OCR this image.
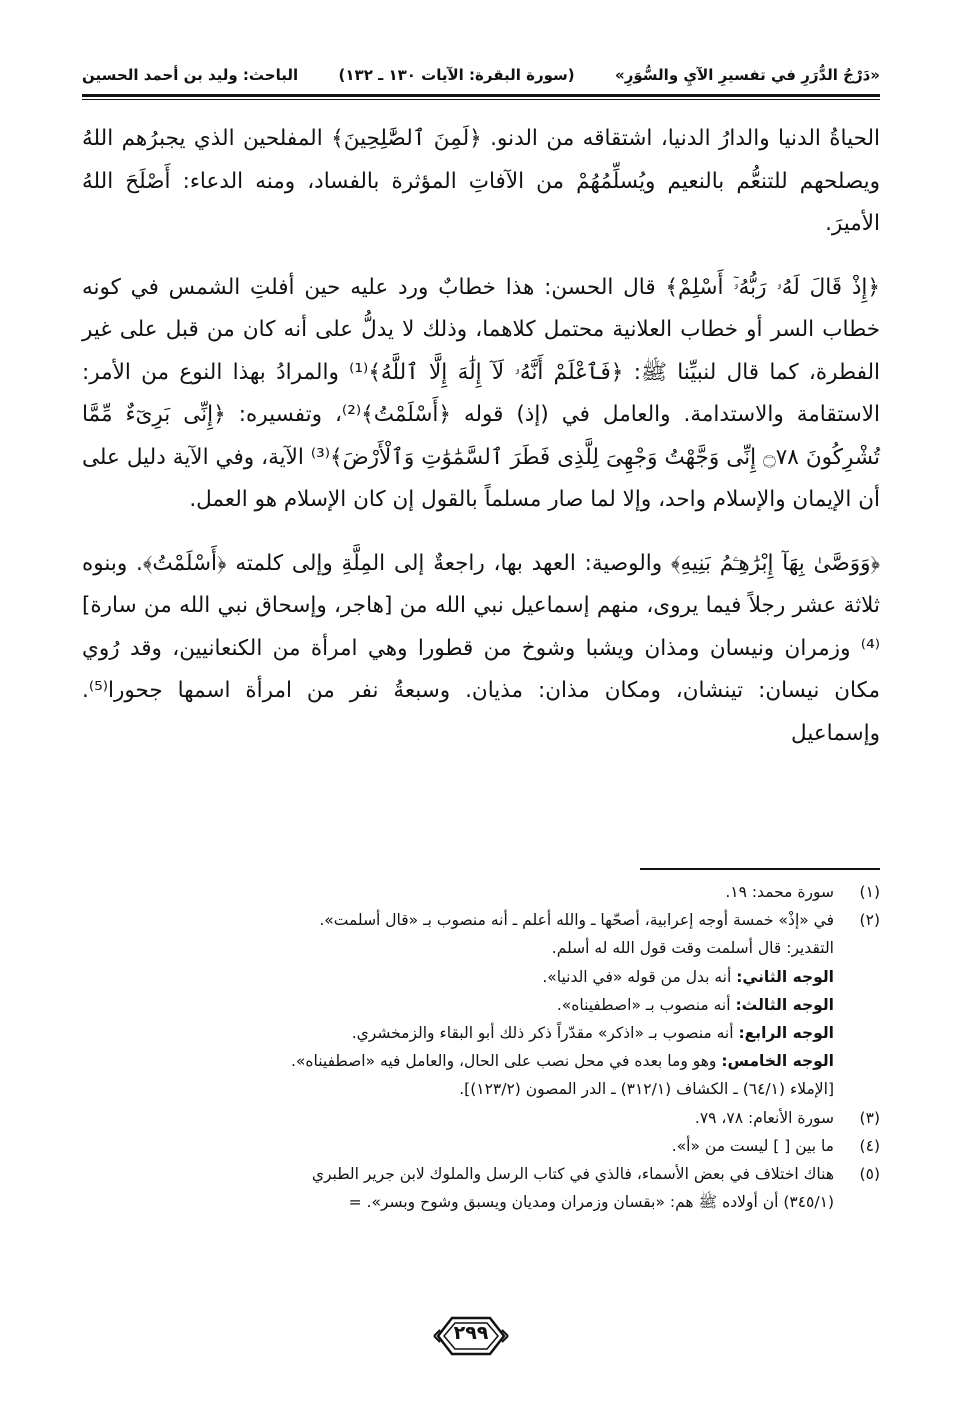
«دَرْجُ الدُّرَرِ في تفسيرِ الآيِ والسُّوَرِ»
(سورة البقرة: الآيات ١٣٠ ـ ١٣٢)
الباحث: وليد بن أحمد الحسين

الحياةُ الدنيا والدارُ الدنيا، اشتقاقه من الدنو. ﴿لَمِنَ ٱلصَّٰلِحِينَ﴾ المفلحين الذي يجبرُهم اللهُ ويصلحهم للتنعُّم بالنعيم ويُسلِّمُهُمْ من الآفاتِ المؤثرة بالفساد، ومنه الدعاء: أَصْلَحَ اللهُ الأميرَ.

﴿إِذْ قَالَ لَهُۥ رَبُّهُۥٓ أَسْلِمْ﴾ قال الحسن: هذا خطابٌ ورد عليه حين أفلتِ الشمس في كونه خطاب السر أو خطاب العلانية محتمل كلاهما، وذلك لا يدلُّ على أنه كان من قبل على غير الفطرة، كما قال لنبيِّنا ﷺ: ﴿فَٱعْلَمْ أَنَّهُۥ لَآ إِلَٰهَ إِلَّا ٱللَّهُ﴾⁽¹⁾ والمرادُ بهذا النوع من الأمر: الاستقامة والاستدامة. والعامل في (إذ) قوله ﴿أَسْلَمْتُ﴾⁽²⁾، وتفسيره: ﴿إِنِّى بَرِىٓءٌ مِّمَّا تُشْرِكُونَ ۝٧٨ إِنِّى وَجَّهْتُ وَجْهِىَ لِلَّذِى فَطَرَ ٱلسَّمَٰوَٰتِ وَٱلْأَرْضَ﴾⁽³⁾ الآية، وفي الآية دليل على أن الإيمان والإسلام واحد، وإلا لما صار مسلماً بالقول إن كان الإسلام هو العمل.

﴿وَوَصَّىٰ بِهَآ إِبْرَٰهِـۧمُ بَنِيهِ﴾ والوصية: العهد بها، راجعةٌ إلى المِلَّةِ وإلى كلمته ﴿أَسْلَمْتُ﴾. وبنوه ثلاثة عشر رجلاً فيما يروى، منهم إسماعيل نبي الله من [هاجر، وإسحاق نبي الله من سارة]⁽⁴⁾ وزمران ونيسان ومذان ويشبا وشوخ من قطورا وهي امرأة من الكنعانيين، وقد رُوي مكان نيسان: تينشان، ومكان مذان: مذيان. وسبعةُ نفر من امرأة اسمها جحورا⁽⁵⁾. وإسماعيل

(١)
سورة محمد: ١٩.
(٢)
في «إذْ» خمسة أوجه إعرابية، أصحّها ـ والله أعلم ـ أنه منصوب بـ «قال أسلمت».
التقدير: قال أسلمت وقت قول الله له أسلم.
الوجه الثاني: أنه بدل من قوله «في الدنيا».
الوجه الثالث: أنه منصوب بـ «اصطفيناه».
الوجه الرابع: أنه منصوب بـ «اذكر» مقدّراً ذكر ذلك أبو البقاء والزمخشري.
الوجه الخامس: وهو وما بعده في محل نصب على الحال، والعامل فيه «اصطفيناه».
[الإملاء (٦٤/١) ـ الكشاف (٣١٢/١) ـ الدر المصون (١٢٣/٢)].
(٣)
سورة الأنعام: ٧٨، ٧٩.
(٤)
ما بين [ ] ليست من «أ».
(٥)
هناك اختلاف في بعض الأسماء، فالذي في كتاب الرسل والملوك لابن جرير الطبري
(٣٤٥/١) أن أولاده ﷺ هم: «بقسان وزمران ومديان ويسبق وشوح وبسر». =
٢٩٩
